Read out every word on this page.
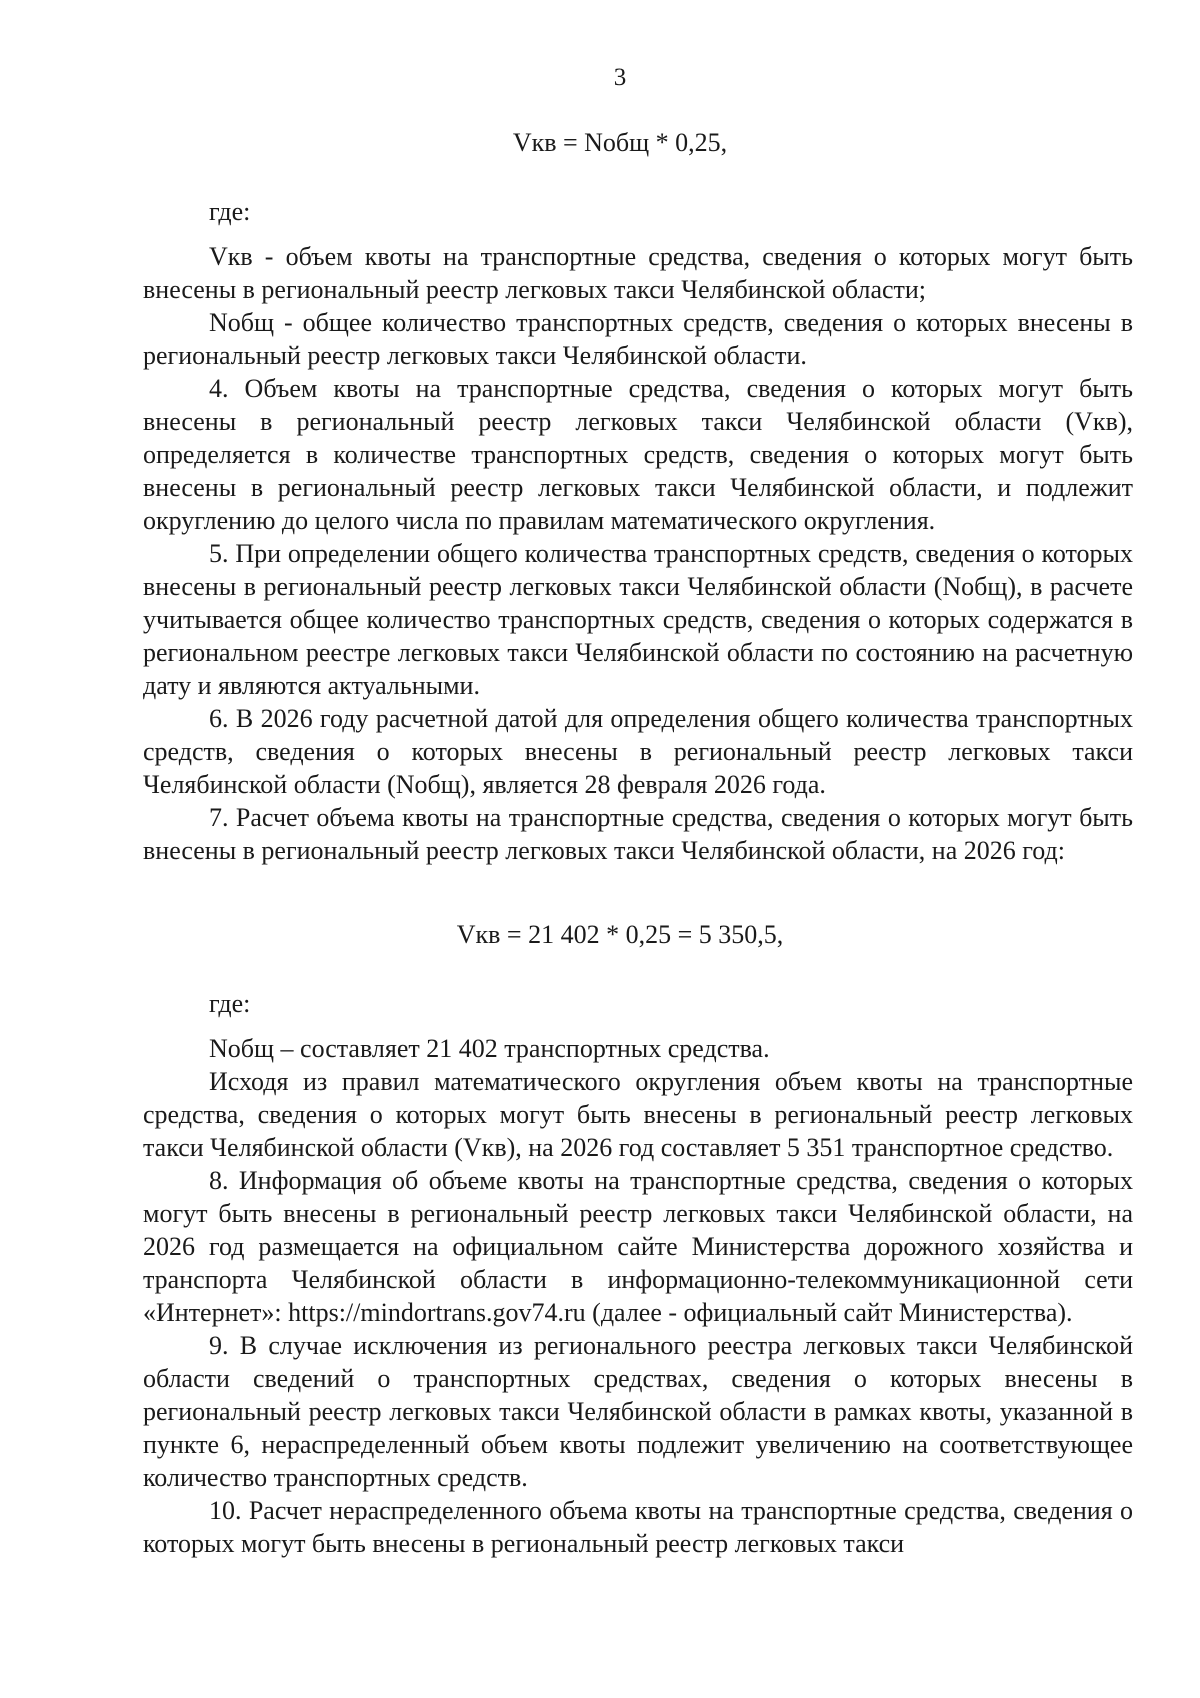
3
Vкв = Nобщ * 0,25,

где:

Vкв - объем квоты на транспортные средства, сведения о которых могут быть внесены в региональный реестр легковых такси Челябинской области;

Nобщ - общее количество транспортных средств, сведения о которых внесены в региональный реестр легковых такси Челябинской области.

4. Объем квоты на транспортные средства, сведения о которых могут быть внесены в региональный реестр легковых такси Челябинской области (Vкв), определяется в количестве транспортных средств, сведения о которых могут быть внесены в региональный реестр легковых такси Челябинской области, и подлежит округлению до целого числа по правилам математического округления.

5. При определении общего количества транспортных средств, сведения о которых внесены в региональный реестр легковых такси Челябинской области (Nобщ), в расчете учитывается общее количество транспортных средств, сведения о которых содержатся в региональном реестре легковых такси Челябинской области по состоянию на расчетную дату и являются актуальными.

6. В 2026 году расчетной датой для определения общего количества транспортных средств, сведения о которых внесены в региональный реестр легковых такси Челябинской области (Nобщ), является 28 февраля 2026 года.

7. Расчет объема квоты на транспортные средства, сведения о которых могут быть внесены в региональный реестр легковых такси Челябинской области, на 2026 год:

Vкв = 21 402 * 0,25 = 5 350,5,

где:

Nобщ – составляет 21 402 транспортных средства.

Исходя из правил математического округления объем квоты на транспортные средства, сведения о которых могут быть внесены в региональный реестр легковых такси Челябинской области (Vкв), на 2026 год составляет 5 351 транспортное средство.

8. Информация об объеме квоты на транспортные средства, сведения о которых могут быть внесены в региональный реестр легковых такси Челябинской области, на 2026 год размещается на официальном сайте Министерства дорожного хозяйства и транспорта Челябинской области в информационно-телекоммуникационной сети «Интернет»: https://mindortrans.gov74.ru (далее - официальный сайт Министерства).

9. В случае исключения из регионального реестра легковых такси Челябинской области сведений о транспортных средствах, сведения о которых внесены в региональный реестр легковых такси Челябинской области в рамках квоты, указанной в пункте 6, нераспределенный объем квоты подлежит увеличению на соответствующее количество транспортных средств.

10. Расчет нераспределенного объема квоты на транспортные средства, сведения о которых могут быть внесены в региональный реестр легковых такси
